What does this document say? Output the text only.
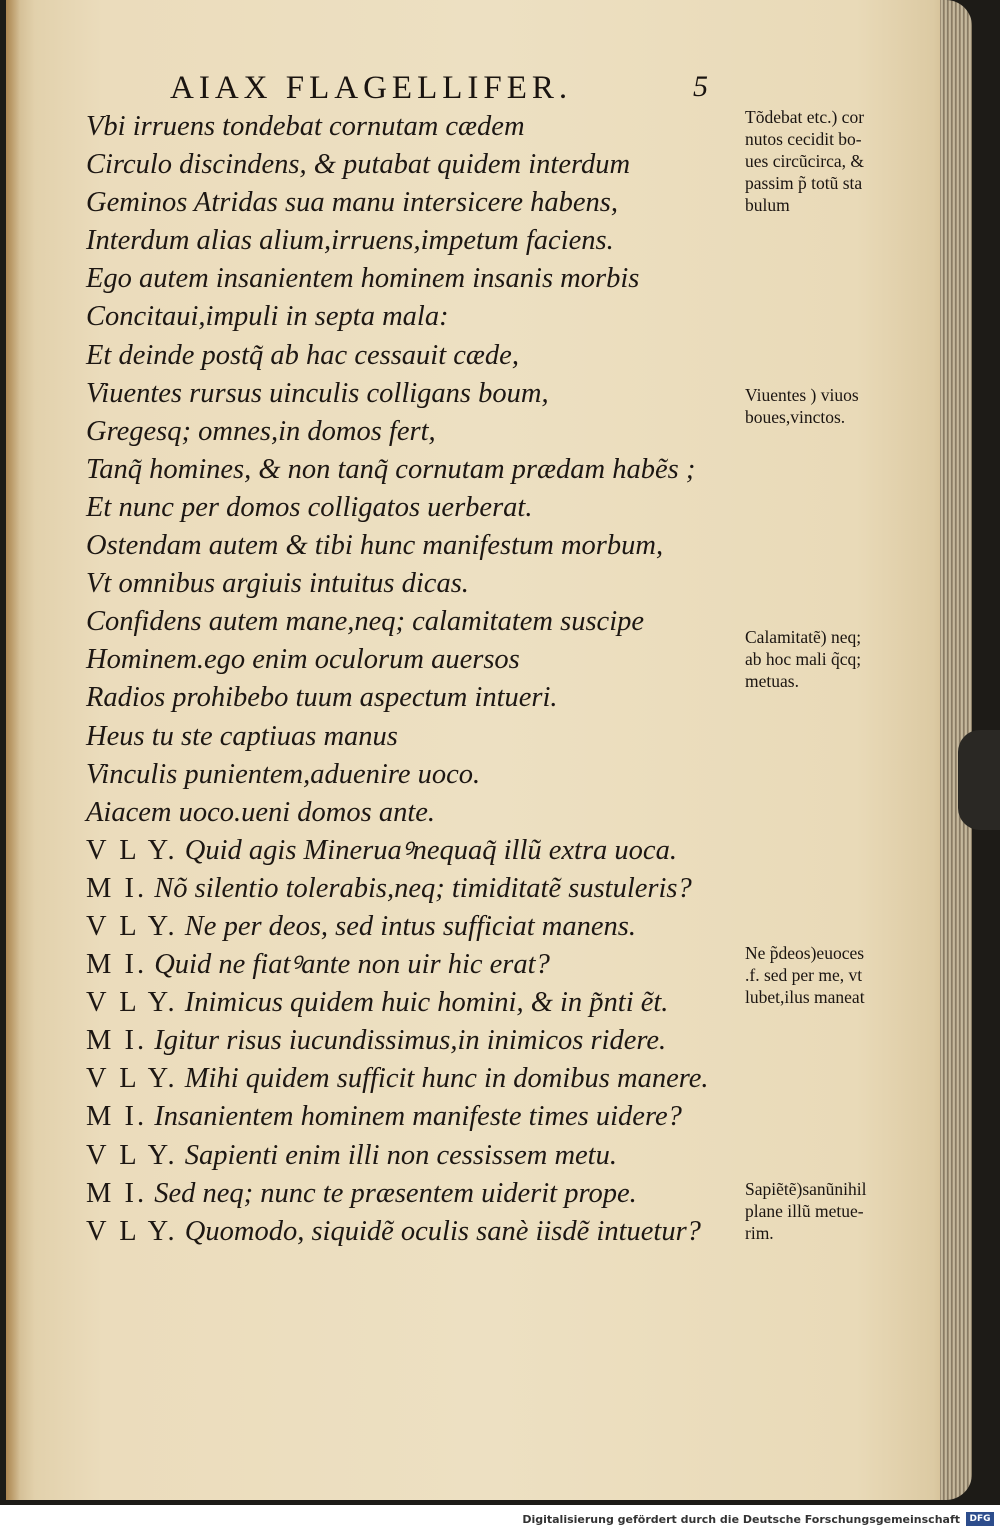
AIAX FLAGELLIFER.	5
Vbi irruens tondebat cornutam cædem
Circulo discindens, & putabat quidem interdum
Geminos Atridas sua manu intersicere habens,
Interdum alias alium,irruens,impetum faciens.
Ego autem insanientem hominem insanis morbis
Concitaui,impuli in septa mala:
Et deinde postq̃ ab hac cessauit cæde,
Viuentes rursus uinculis colligans boum,
Gregesq; omnes,in domos fert,
Tanq̃ homines, & non tanq̃ cornutam prædam habẽs ;
Et nunc per domos colligatos uerberat.
Ostendam autem & tibi hunc manifestum morbum,
Vt omnibus argiuis intuitus dicas.
Confidens autem mane,neq; calamitatem suscipe
Hominem.ego enim oculorum auersos
Radios prohibebo tuum aspectum intueri.
Heus tu ste captiuas manus
Vinculis punientem,aduenire uoco.
Aiacem uoco.ueni domos ante.
V L Y. Quid agis Mineruaꝰnequaq̃ illũ extra uoca.
M I. Nõ silentio tolerabis,neq; timiditatẽ sustuleris?
V L Y. Ne per deos, sed intus sufficiat manens.
M I. Quid ne fiatꝰante non uir hic erat?
V L Y. Inimicus quidem huic homini, & in p̃nti ẽt.
M I. Igitur risus iucundissimus,in inimicos ridere.
V L Y. Mihi quidem sufficit hunc in domibus manere.
M I. Insanientem hominem manifeste times uidere?
V L Y. Sapienti enim illi non cessissem metu.
M I. Sed neq; nunc te præsentem uiderit prope.
V L Y. Quomodo, siquidẽ oculis sanè iisdẽ intuetur?
Tõdebat etc.) cor
nutos cecidit bo-
ues circũcirca, &
passim p̃ totũ sta
bulum
Viuentes ) viuos
boues,vinctos.
Calamitatẽ) neq;
ab hoc mali q̃cq;
metuas.
Ne p̃deos)euoces
.f. sed per me, vt
lubet,ilus maneat
Sapiẽtẽ)sanũnihil
plane illũ metue-
rim.
Digitalisierung gefördert durch die Deutsche Forschungsgemeinschaft	DFG
